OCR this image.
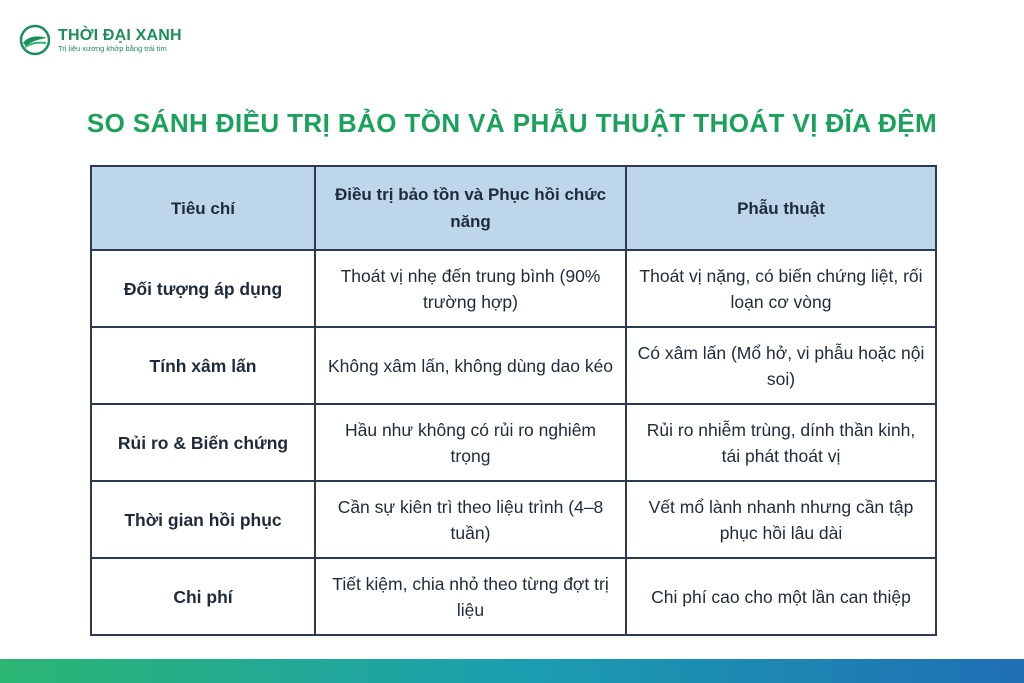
THỜI ĐẠI XANH
Trị liệu xương khớp bằng trái tim
SO SÁNH ĐIỀU TRỊ BẢO TỒN VÀ PHẪU THUẬT THOÁT VỊ ĐĨA ĐỆM
Tiêu chí	Điều trị bảo tồn và Phục hồi chức năng	Phẫu thuật
Đối tượng áp dụng	Thoát vị nhẹ đến trung bình (90% trường hợp)	Thoát vị nặng, có biến chứng liệt, rối loạn cơ vòng
Tính xâm lấn	Không xâm lấn, không dùng dao kéo	Có xâm lấn (Mổ hở, vi phẫu hoặc nội soi)
Rủi ro & Biến chứng	Hầu như không có rủi ro nghiêm trọng	Rủi ro nhiễm trùng, dính thần kinh, tái phát thoát vị
Thời gian hồi phục	Cần sự kiên trì theo liệu trình (4–8 tuần)	Vết mổ lành nhanh nhưng cần tập phục hồi lâu dài
Chi phí	Tiết kiệm, chia nhỏ theo từng đợt trị liệu	Chi phí cao cho một lần can thiệp
